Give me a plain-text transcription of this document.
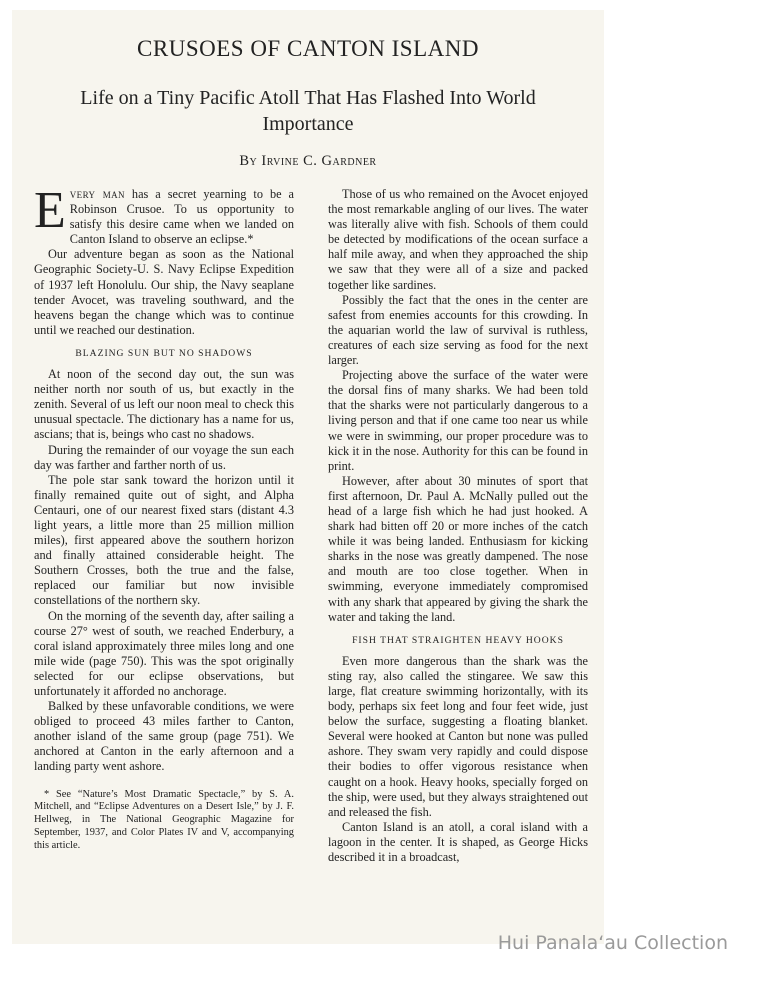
CRUSOES OF CANTON ISLAND
Life on a Tiny Pacific Atoll That Has Flashed Into World Importance
By Irvine C. Gardner

Every man has a secret yearning to be a Robinson Crusoe. To us opportunity to satisfy this desire came when we landed on Canton Island to observe an eclipse.*

Our adventure began as soon as the National Geographic Society-U. S. Navy Eclipse Expedition of 1937 left Honolulu. Our ship, the Navy seaplane tender Avocet, was traveling southward, and the heavens began the change which was to continue until we reached our destination.

BLAZING SUN BUT NO SHADOWS

At noon of the second day out, the sun was neither north nor south of us, but exactly in the zenith. Several of us left our noon meal to check this unusual spectacle. The dictionary has a name for us, ascians; that is, beings who cast no shadows.

During the remainder of our voyage the sun each day was farther and farther north of us.

The pole star sank toward the horizon until it finally remained quite out of sight, and Alpha Centauri, one of our nearest fixed stars (distant 4.3 light years, a little more than 25 million million miles), first appeared above the southern horizon and finally attained considerable height. The Southern Crosses, both the true and the false, replaced our familiar but now invisible constellations of the northern sky.

On the morning of the seventh day, after sailing a course 27° west of south, we reached Enderbury, a coral island approximately three miles long and one mile wide (page 750). This was the spot originally selected for our eclipse observations, but unfortunately it afforded no anchorage.

Balked by these unfavorable conditions, we were obliged to proceed 43 miles farther to Canton, another island of the same group (page 751). We anchored at Canton in the early afternoon and a landing party went ashore.

* See “Nature’s Most Dramatic Spectacle,” by S. A. Mitchell, and “Eclipse Adventures on a Desert Isle,” by J. F. Hellweg, in The National Geographic Magazine for September, 1937, and Color Plates IV and V, accompanying this article.

Those of us who remained on the Avocet enjoyed the most remarkable angling of our lives. The water was literally alive with fish. Schools of them could be detected by modifications of the ocean surface a half mile away, and when they approached the ship we saw that they were all of a size and packed together like sardines.

Possibly the fact that the ones in the center are safest from enemies accounts for this crowding. In the aquarian world the law of survival is ruthless, creatures of each size serving as food for the next larger.

Projecting above the surface of the water were the dorsal fins of many sharks. We had been told that the sharks were not particularly dangerous to a living person and that if one came too near us while we were in swimming, our proper procedure was to kick it in the nose. Authority for this can be found in print.

However, after about 30 minutes of sport that first afternoon, Dr. Paul A. McNally pulled out the head of a large fish which he had just hooked. A shark had bitten off 20 or more inches of the catch while it was being landed. Enthusiasm for kicking sharks in the nose was greatly dampened. The nose and mouth are too close together. When in swimming, everyone immediately compromised with any shark that appeared by giving the shark the water and taking the land.

FISH THAT STRAIGHTEN HEAVY HOOKS

Even more dangerous than the shark was the sting ray, also called the stingaree. We saw this large, flat creature swimming horizontally, with its body, perhaps six feet long and four feet wide, just below the surface, suggesting a floating blanket. Several were hooked at Canton but none was pulled ashore. They swam very rapidly and could dispose their bodies to offer vigorous resistance when caught on a hook. Heavy hooks, specially forged on the ship, were used, but they always straightened out and released the fish.

Canton Island is an atoll, a coral island with a lagoon in the center. It is shaped, as George Hicks described it in a broadcast,

Hui Panala‘au Collection
